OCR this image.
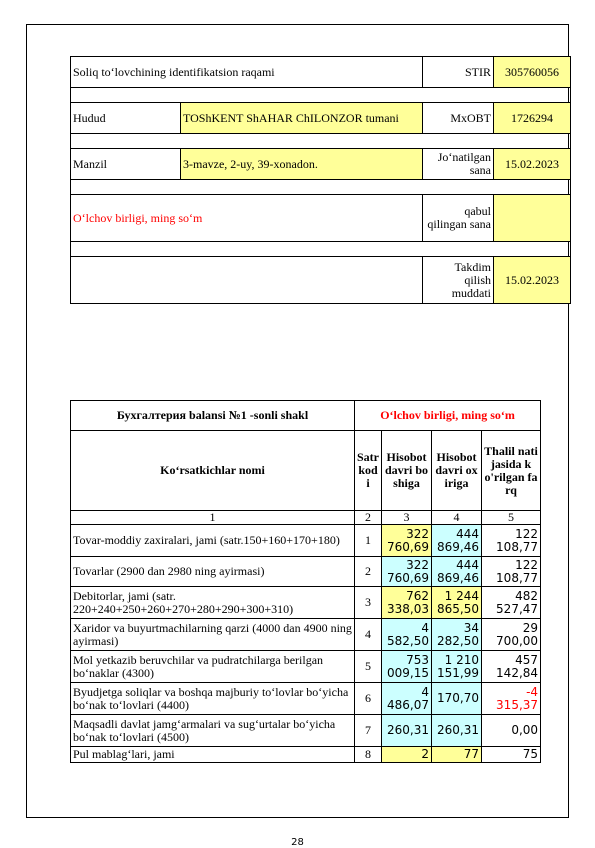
Soliq to‘lovchining identifikatsion raqami		STIR	305760056

Hudud	TOShKENT ShAHAR ChILONZOR tumani	MxOBT	1726294

Manzil	3-mavze, 2-uy, 39-xonadon.	Jo‘natilgan sana	15.02.2023

O‘lchov birligi, ming so‘m		qabul qilingan sana	

		Takdim qilish muddati	15.02.2023
Бухгалтерия balansi №1 -sonli shakl	O‘lchov birligi, ming so‘m			
Ko‘rsatkichlar nomi	Satr kodi	Hisobot davri boshiga	Hisobot davri oxiriga	Thalil natijasida ko'rilgan farq
1	2	3	4	5
Tovar-moddiy zaxiralari, jami (satr.150+160+170+180)	1	322 760,69	444 869,46	122 108,77
Tovarlar (2900 dan 2980 ning ayirmasi)	2	322 760,69	444 869,46	122 108,77
Debitorlar, jami (satr. 220+240+250+260+270+280+290+300+310)	3	762 338,03	1 244 865,50	482 527,47
Xaridor va buyurtmachilarning qarzi (4000 dan 4900 ning ayirmasi)	4	4 582,50	34 282,50	29 700,00
Mol yetkazib beruvchilar va pudratchilarga berilgan bo‘naklar (4300)	5	753 009,15	1 210 151,99	457 142,84
Byudjetga soliqlar va boshqa majburiy to‘lovlar bo‘yicha bo‘nak to‘lovlari (4400)	6	4 486,07	170,70	-4 315,37
Maqsadli davlat jamg‘armalari va sug‘urtalar bo‘yicha bo‘nak to‘lovlari (4500)	7	260,31	260,31	0,00
Pul mablag‘lari, jami	8	2	77	75
28
